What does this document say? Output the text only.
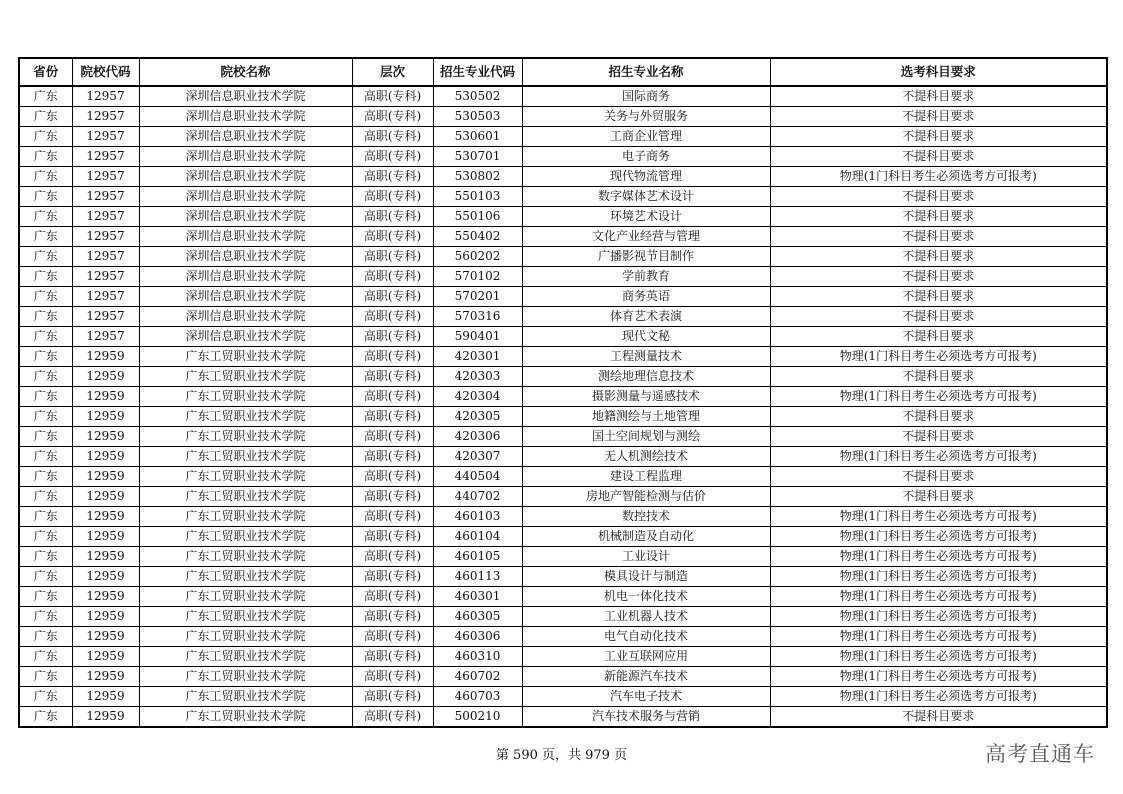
省份	院校代码	院校名称	层次	招生专业代码	招生专业名称	选考科目要求
广东	12957	深圳信息职业技术学院	高职(专科)	530502	国际商务	不提科目要求
广东	12957	深圳信息职业技术学院	高职(专科)	530503	关务与外贸服务	不提科目要求
广东	12957	深圳信息职业技术学院	高职(专科)	530601	工商企业管理	不提科目要求
广东	12957	深圳信息职业技术学院	高职(专科)	530701	电子商务	不提科目要求
广东	12957	深圳信息职业技术学院	高职(专科)	530802	现代物流管理	物理(1门科目考生必须选考方可报考)
广东	12957	深圳信息职业技术学院	高职(专科)	550103	数字媒体艺术设计	不提科目要求
广东	12957	深圳信息职业技术学院	高职(专科)	550106	环境艺术设计	不提科目要求
广东	12957	深圳信息职业技术学院	高职(专科)	550402	文化产业经营与管理	不提科目要求
广东	12957	深圳信息职业技术学院	高职(专科)	560202	广播影视节目制作	不提科目要求
广东	12957	深圳信息职业技术学院	高职(专科)	570102	学前教育	不提科目要求
广东	12957	深圳信息职业技术学院	高职(专科)	570201	商务英语	不提科目要求
广东	12957	深圳信息职业技术学院	高职(专科)	570316	体育艺术表演	不提科目要求
广东	12957	深圳信息职业技术学院	高职(专科)	590401	现代文秘	不提科目要求
广东	12959	广东工贸职业技术学院	高职(专科)	420301	工程测量技术	物理(1门科目考生必须选考方可报考)
广东	12959	广东工贸职业技术学院	高职(专科)	420303	测绘地理信息技术	不提科目要求
广东	12959	广东工贸职业技术学院	高职(专科)	420304	摄影测量与遥感技术	物理(1门科目考生必须选考方可报考)
广东	12959	广东工贸职业技术学院	高职(专科)	420305	地籍测绘与土地管理	不提科目要求
广东	12959	广东工贸职业技术学院	高职(专科)	420306	国土空间规划与测绘	不提科目要求
广东	12959	广东工贸职业技术学院	高职(专科)	420307	无人机测绘技术	物理(1门科目考生必须选考方可报考)
广东	12959	广东工贸职业技术学院	高职(专科)	440504	建设工程监理	不提科目要求
广东	12959	广东工贸职业技术学院	高职(专科)	440702	房地产智能检测与估价	不提科目要求
广东	12959	广东工贸职业技术学院	高职(专科)	460103	数控技术	物理(1门科目考生必须选考方可报考)
广东	12959	广东工贸职业技术学院	高职(专科)	460104	机械制造及自动化	物理(1门科目考生必须选考方可报考)
广东	12959	广东工贸职业技术学院	高职(专科)	460105	工业设计	物理(1门科目考生必须选考方可报考)
广东	12959	广东工贸职业技术学院	高职(专科)	460113	模具设计与制造	物理(1门科目考生必须选考方可报考)
广东	12959	广东工贸职业技术学院	高职(专科)	460301	机电一体化技术	物理(1门科目考生必须选考方可报考)
广东	12959	广东工贸职业技术学院	高职(专科)	460305	工业机器人技术	物理(1门科目考生必须选考方可报考)
广东	12959	广东工贸职业技术学院	高职(专科)	460306	电气自动化技术	物理(1门科目考生必须选考方可报考)
广东	12959	广东工贸职业技术学院	高职(专科)	460310	工业互联网应用	物理(1门科目考生必须选考方可报考)
广东	12959	广东工贸职业技术学院	高职(专科)	460702	新能源汽车技术	物理(1门科目考生必须选考方可报考)
广东	12959	广东工贸职业技术学院	高职(专科)	460703	汽车电子技术	物理(1门科目考生必须选考方可报考)
广东	12959	广东工贸职业技术学院	高职(专科)	500210	汽车技术服务与营销	不提科目要求
第 590 页，共 979 页	高考直通车
